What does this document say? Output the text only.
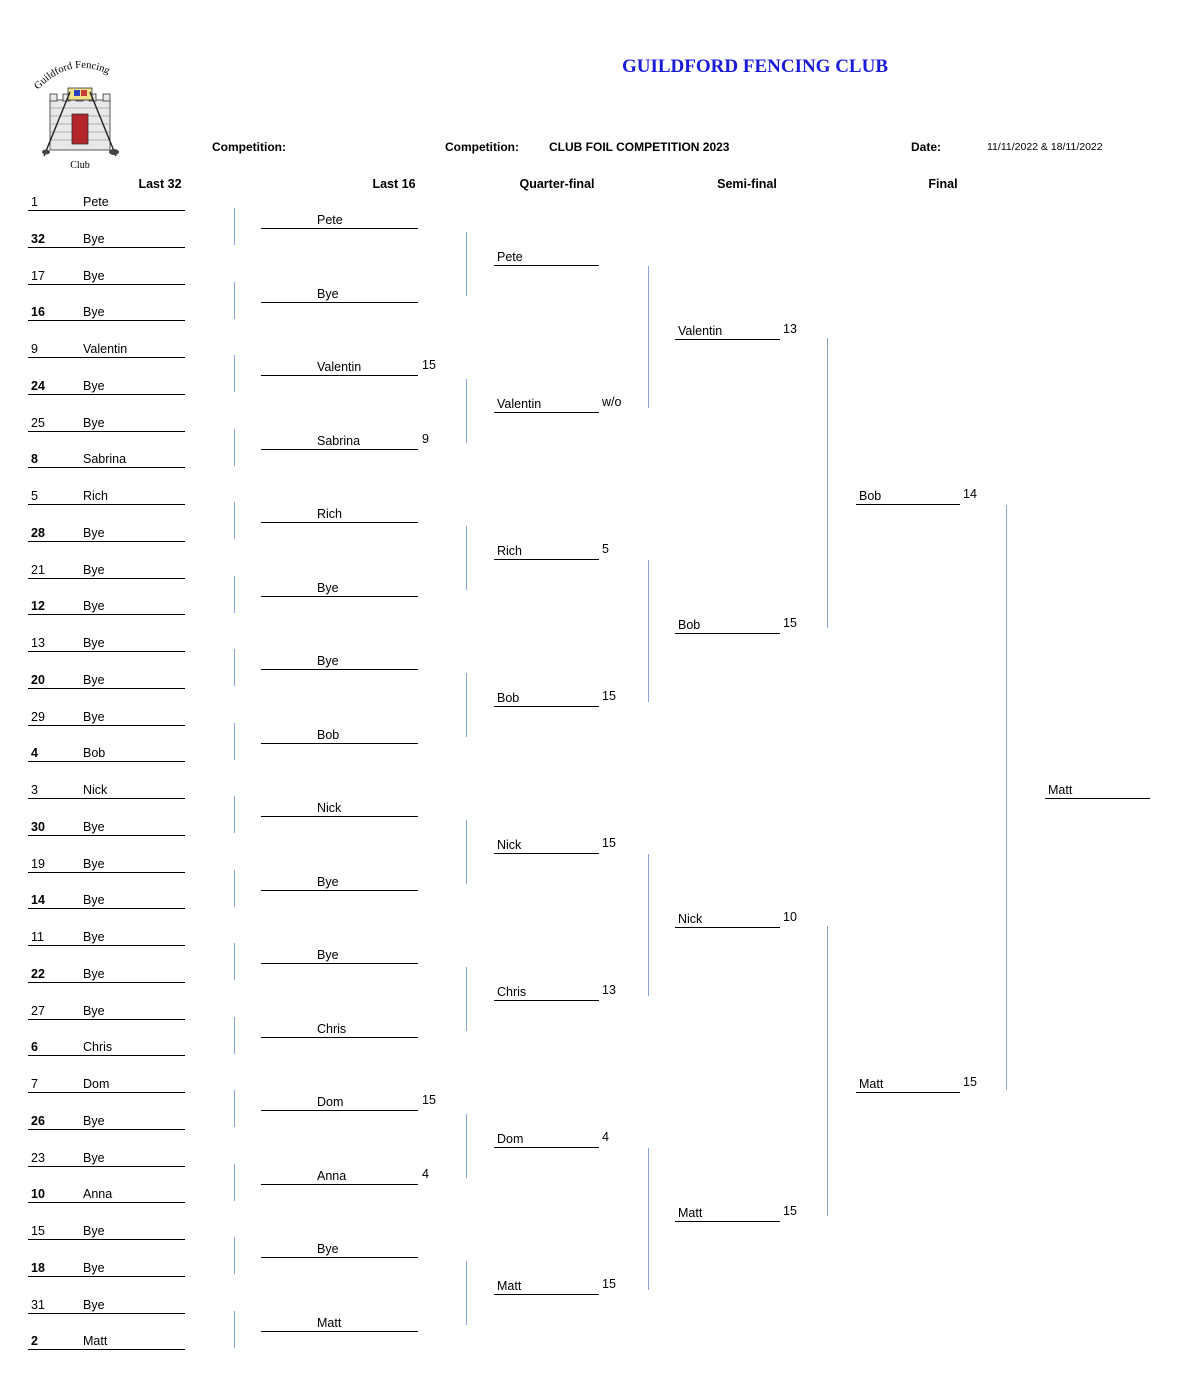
Guildford Fencing
Club
GUILDFORD FENCING CLUB
Competition:	Competition:	CLUB FOIL COMPETITION 2023	Date:	11/11/2022 & 18/11/2022
Last 32	Last 16	Quarter-final	Semi-final	Final
1	Pete
32	Bye
17	Bye
16	Bye
9	Valentin
24	Bye
25	Bye
8	Sabrina
5	Rich
28	Bye
21	Bye
12	Bye
13	Bye
20	Bye
29	Bye
4	Bob
3	Nick
30	Bye
19	Bye
14	Bye
11	Bye
22	Bye
27	Bye
6	Chris
7	Dom
26	Bye
23	Bye
10	Anna
15	Bye
18	Bye
31	Bye
2	Matt
Pete
Bye
Valentin	15
Sabrina	9
Rich
Bye
Bye
Bob
Nick
Bye
Bye
Chris
Dom	15
Anna	4
Bye
Matt
Pete
Valentin	w/o
Rich	5
Bob	15
Nick	15
Chris	13
Dom	4
Matt	15
Valentin	13
Bob	15
Nick	10
Matt	15
Bob	14
Matt	15
Matt
